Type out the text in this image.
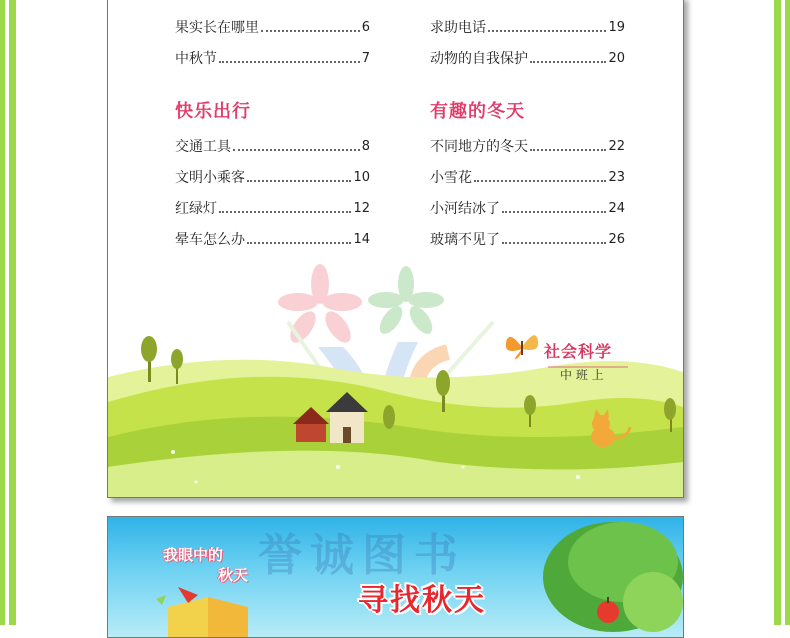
果实长在哪里	6
中秋节	7
快乐出行
交通工具	8
文明小乘客	10
红绿灯	12
晕车怎么办	14
求助电话	19
动物的自我保护	20
有趣的冬天
不同地方的冬天	22
小雪花	23
小河结冰了	24
玻璃不见了	26
社会科学
中 班 上
誉诚图书
我眼中的
秋天
寻找秋天
